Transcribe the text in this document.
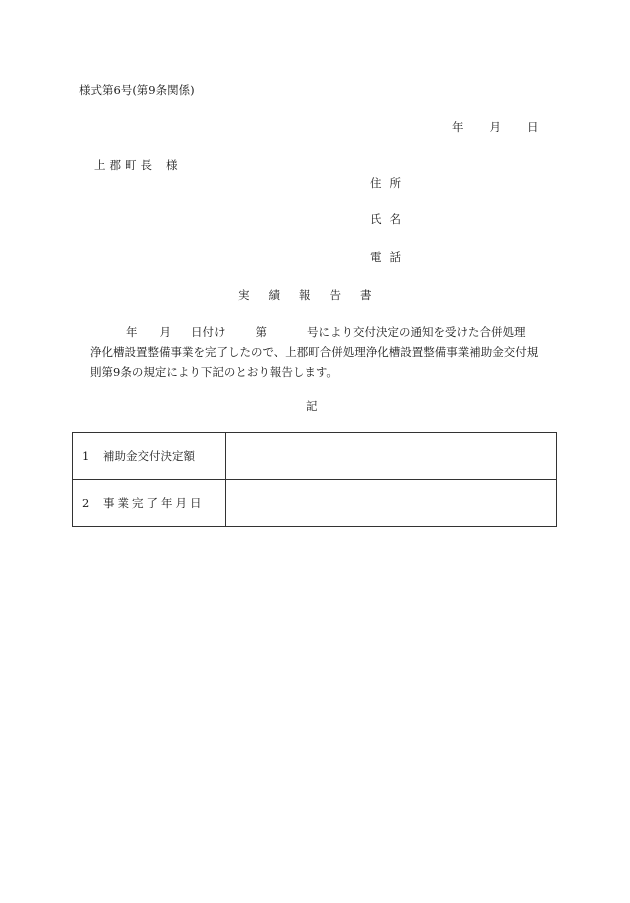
様式第6号(第9条関係)
年 月 日
上郡町長 様
住所
氏名
電話
実 績 報 告 書
年 月 日付け	第	号により交付決定の通知を受けた合併処理
浄化槽設置整備事業を完了したので、上郡町合併処理浄化槽設置整備事業補助金交付規
則第9条の規定により下記のとおり報告します。
記
1 補助金交付決定額	
2 事業完了年月日	
